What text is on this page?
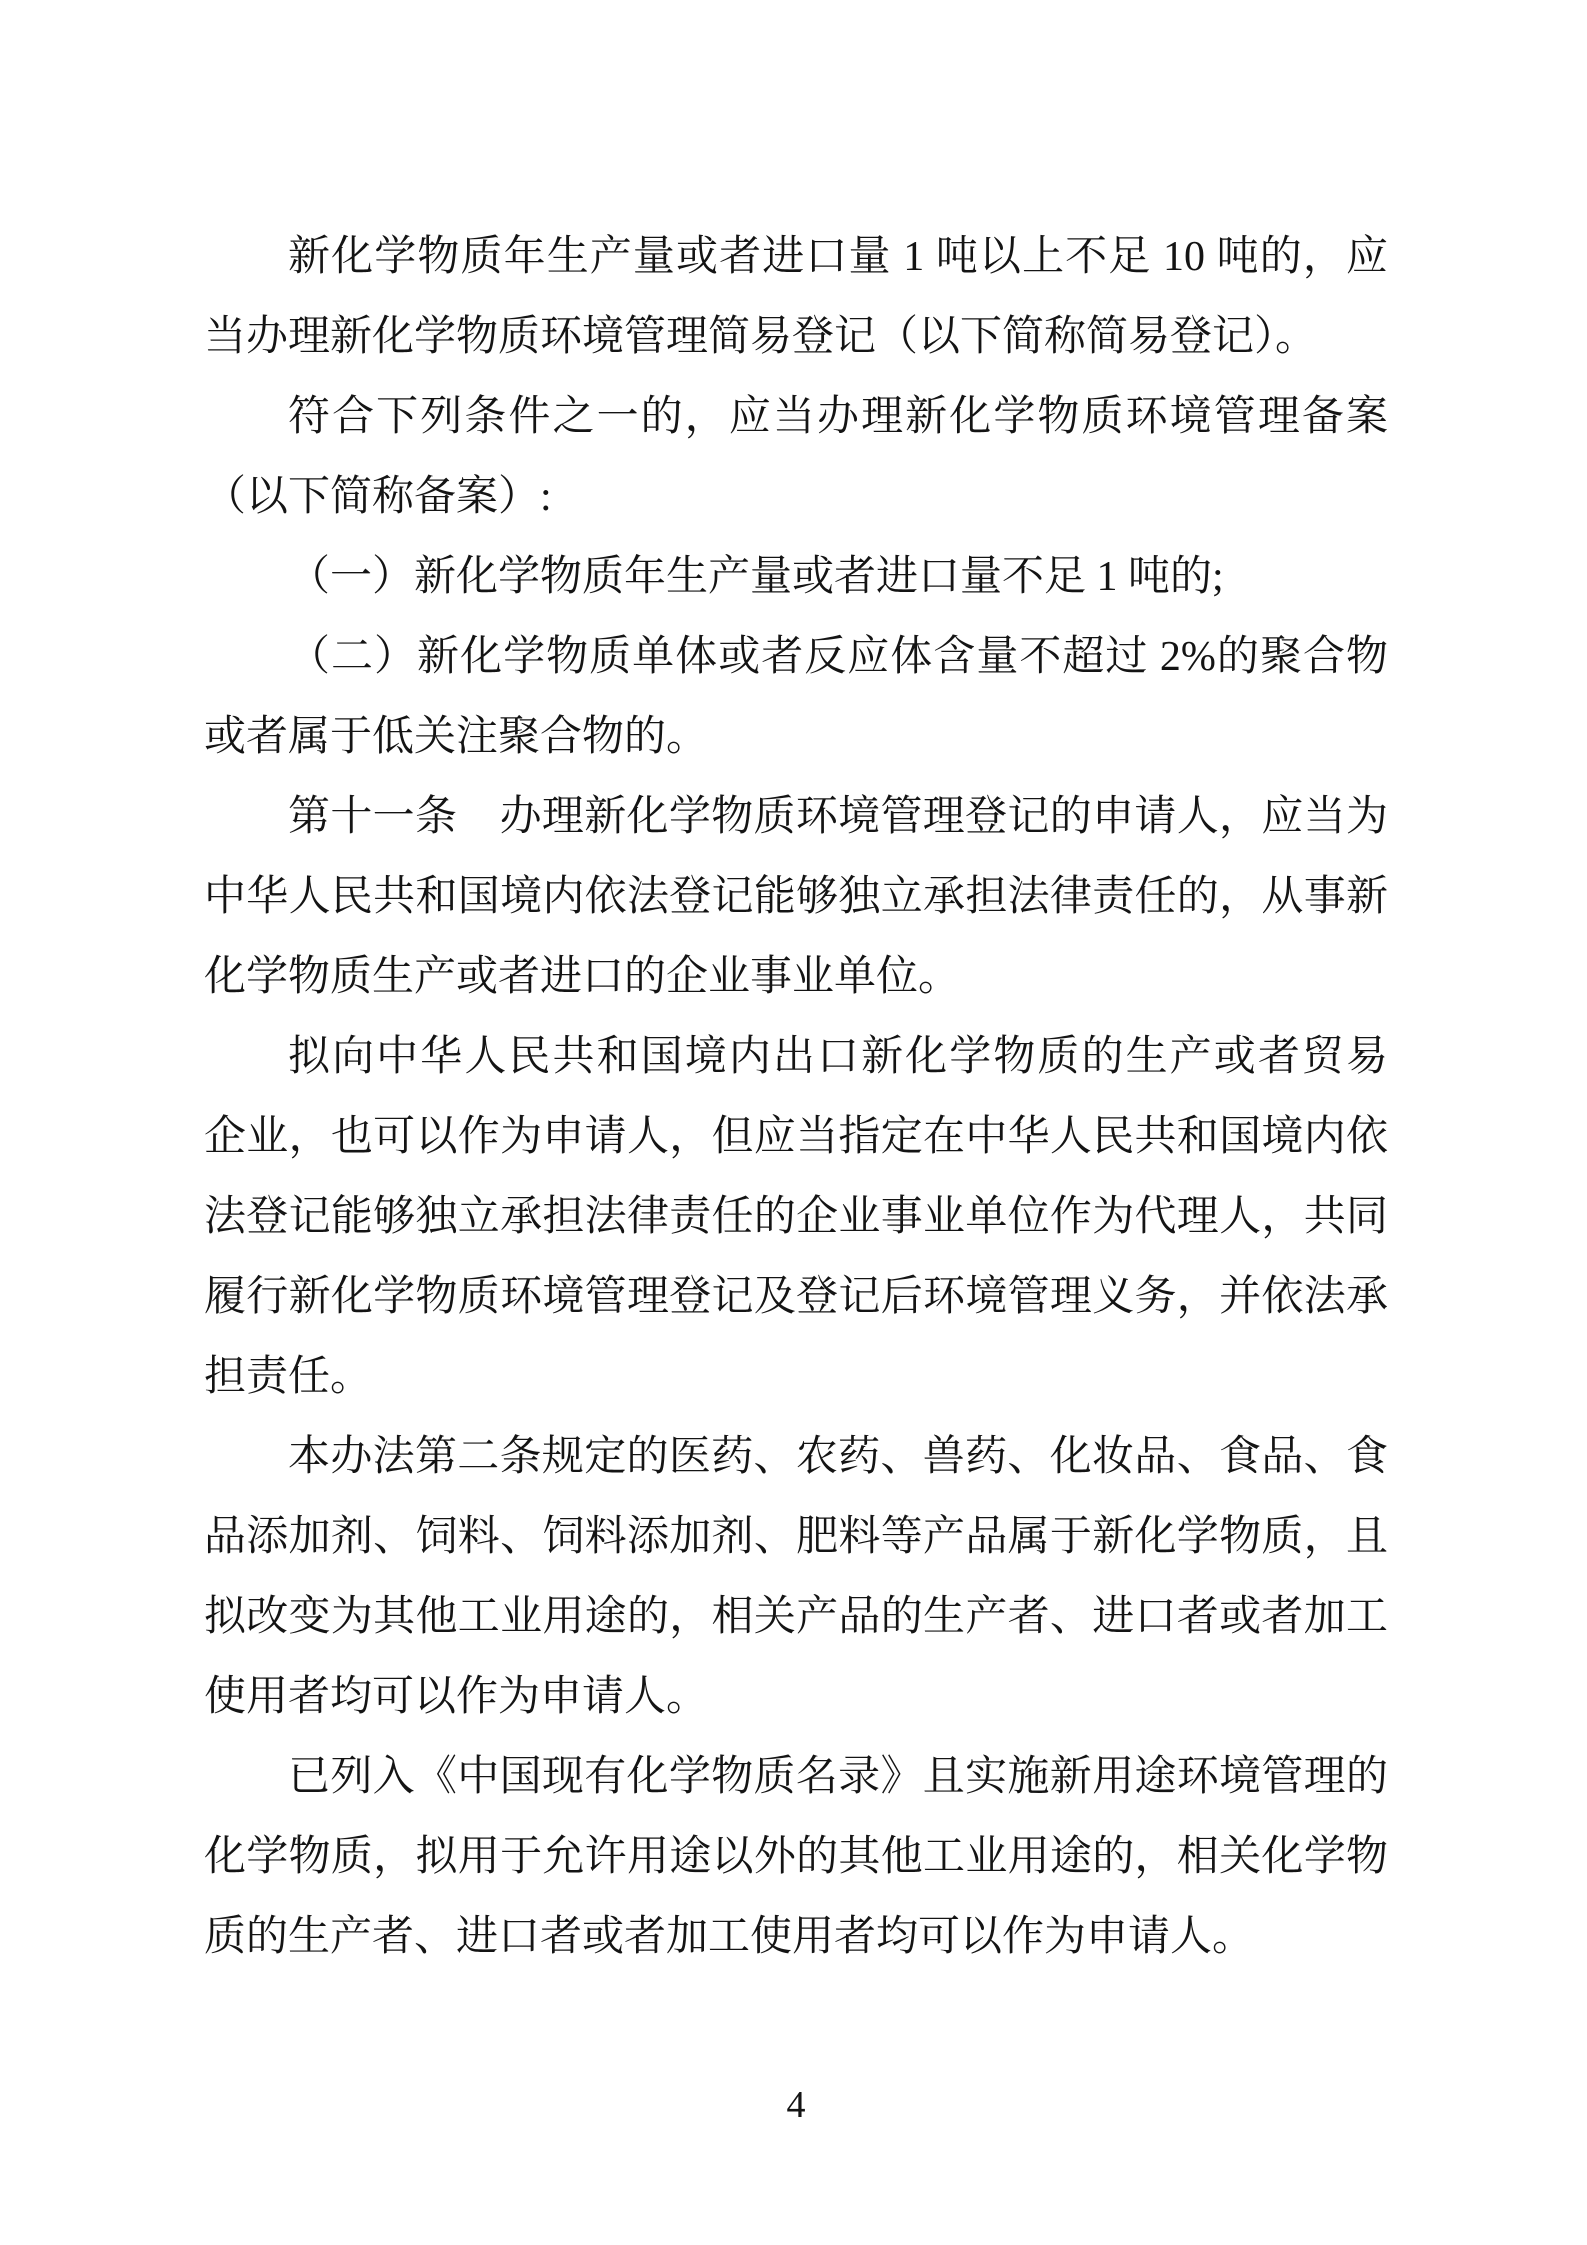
新化学物质年生产量或者进口量 1 吨以上不足 10 吨的，应
当办理新化学物质环境管理简易登记（以下简称简易登记）。
符合下列条件之一的，应当办理新化学物质环境管理备案
（以下简称备案）:
（一）新化学物质年生产量或者进口量不足 1 吨的;
（二）新化学物质单体或者反应体含量不超过 2%的聚合物
或者属于低关注聚合物的。
第十一条　办理新化学物质环境管理登记的申请人，应当为
中华人民共和国境内依法登记能够独立承担法律责任的，从事新
化学物质生产或者进口的企业事业单位。
拟向中华人民共和国境内出口新化学物质的生产或者贸易
企业，也可以作为申请人，但应当指定在中华人民共和国境内依
法登记能够独立承担法律责任的企业事业单位作为代理人，共同
履行新化学物质环境管理登记及登记后环境管理义务，并依法承
担责任。
本办法第二条规定的医药、农药、兽药、化妆品、食品、食
品添加剂、饲料、饲料添加剂、肥料等产品属于新化学物质，且
拟改变为其他工业用途的，相关产品的生产者、进口者或者加工
使用者均可以作为申请人。
已列入《中国现有化学物质名录》且实施新用途环境管理的
化学物质，拟用于允许用途以外的其他工业用途的，相关化学物
质的生产者、进口者或者加工使用者均可以作为申请人。
4
